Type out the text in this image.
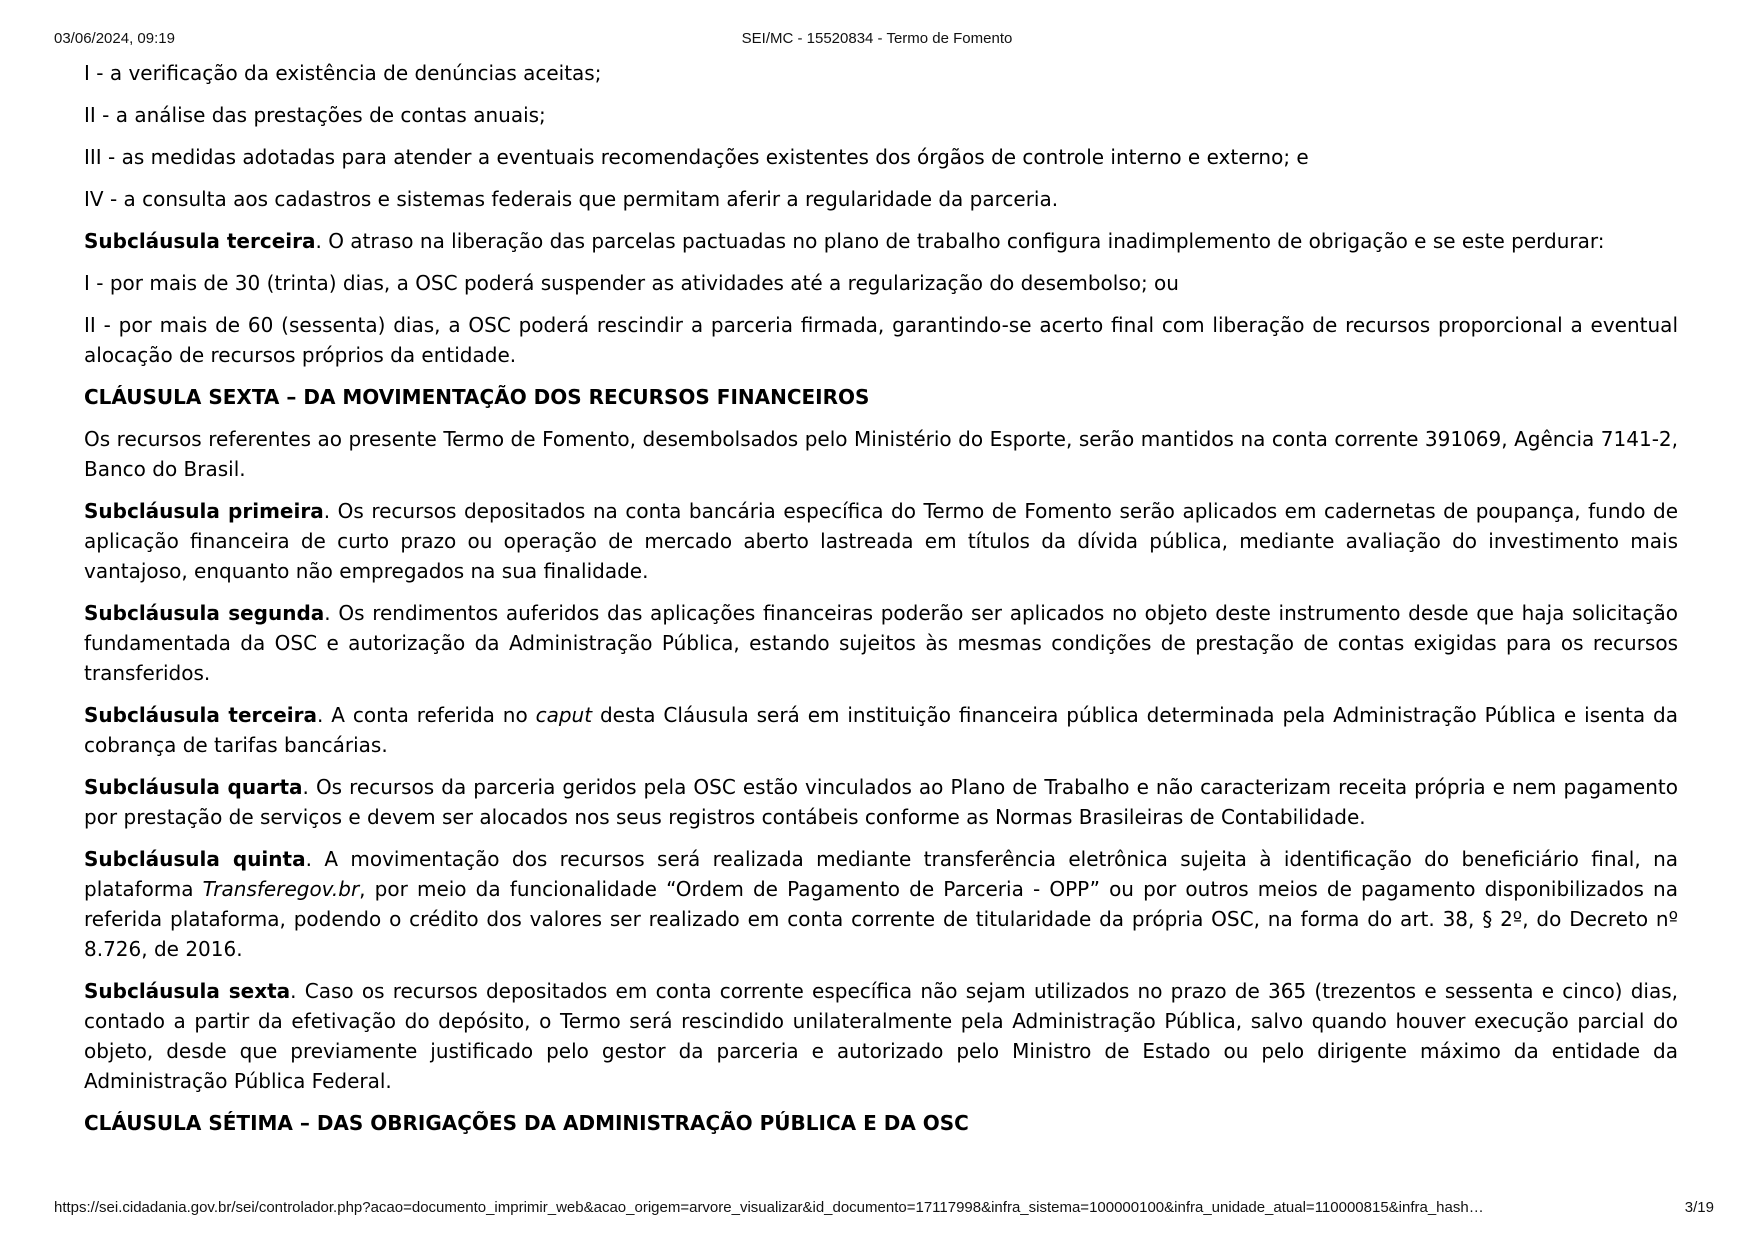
03/06/2024, 09:19	SEI/MC - 15520834 - Termo de Fomento

I - a verificação da existência de denúncias aceitas;

II - a análise das prestações de contas anuais;

III - as medidas adotadas para atender a eventuais recomendações existentes dos órgãos de controle interno e externo; e

IV - a consulta aos cadastros e sistemas federais que permitam aferir a regularidade da parceria.

Subcláusula terceira. O atraso na liberação das parcelas pactuadas no plano de trabalho configura inadimplemento de obrigação e se este perdurar:

I - por mais de 30 (trinta) dias, a OSC poderá suspender as atividades até a regularização do desembolso; ou

II - por mais de 60 (sessenta) dias, a OSC poderá rescindir a parceria firmada, garantindo-se acerto final com liberação de recursos proporcional a eventual alocação de recursos próprios da entidade.

CLÁUSULA SEXTA – DA MOVIMENTAÇÃO DOS RECURSOS FINANCEIROS

Os recursos referentes ao presente Termo de Fomento, desembolsados pelo Ministério do Esporte, serão mantidos na conta corrente 391069, Agência 7141-2, Banco do Brasil.

Subcláusula primeira. Os recursos depositados na conta bancária específica do Termo de Fomento serão aplicados em cadernetas de poupança, fundo de aplicação financeira de curto prazo ou operação de mercado aberto lastreada em títulos da dívida pública, mediante avaliação do investimento mais vantajoso, enquanto não empregados na sua finalidade.

Subcláusula segunda. Os rendimentos auferidos das aplicações financeiras poderão ser aplicados no objeto deste instrumento desde que haja solicitação fundamentada da OSC e autorização da Administração Pública, estando sujeitos às mesmas condições de prestação de contas exigidas para os recursos transferidos.

Subcláusula terceira. A conta referida no caput desta Cláusula será em instituição financeira pública determinada pela Administração Pública e isenta da cobrança de tarifas bancárias.

Subcláusula quarta. Os recursos da parceria geridos pela OSC estão vinculados ao Plano de Trabalho e não caracterizam receita própria e nem pagamento por prestação de serviços e devem ser alocados nos seus registros contábeis conforme as Normas Brasileiras de Contabilidade.

Subcláusula quinta. A movimentação dos recursos será realizada mediante transferência eletrônica sujeita à identificação do beneficiário final, na plataforma Transferegov.br, por meio da funcionalidade “Ordem de Pagamento de Parceria - OPP” ou por outros meios de pagamento disponibilizados na referida plataforma, podendo o crédito dos valores ser realizado em conta corrente de titularidade da própria OSC, na forma do art. 38, § 2º, do Decreto nº 8.726, de 2016.

Subcláusula sexta. Caso os recursos depositados em conta corrente específica não sejam utilizados no prazo de 365 (trezentos e sessenta e cinco) dias, contado a partir da efetivação do depósito, o Termo será rescindido unilateralmente pela Administração Pública, salvo quando houver execução parcial do objeto, desde que previamente justificado pelo gestor da parceria e autorizado pelo Ministro de Estado ou pelo dirigente máximo da entidade da Administração Pública Federal.

CLÁUSULA SÉTIMA – DAS OBRIGAÇÕES DA ADMINISTRAÇÃO PÚBLICA E DA OSC

https://sei.cidadania.gov.br/sei/controlador.php?acao=documento_imprimir_web&acao_origem=arvore_visualizar&id_documento=17117998&infra_sistema=100000100&infra_unidade_atual=110000815&infra_hash…	3/19
